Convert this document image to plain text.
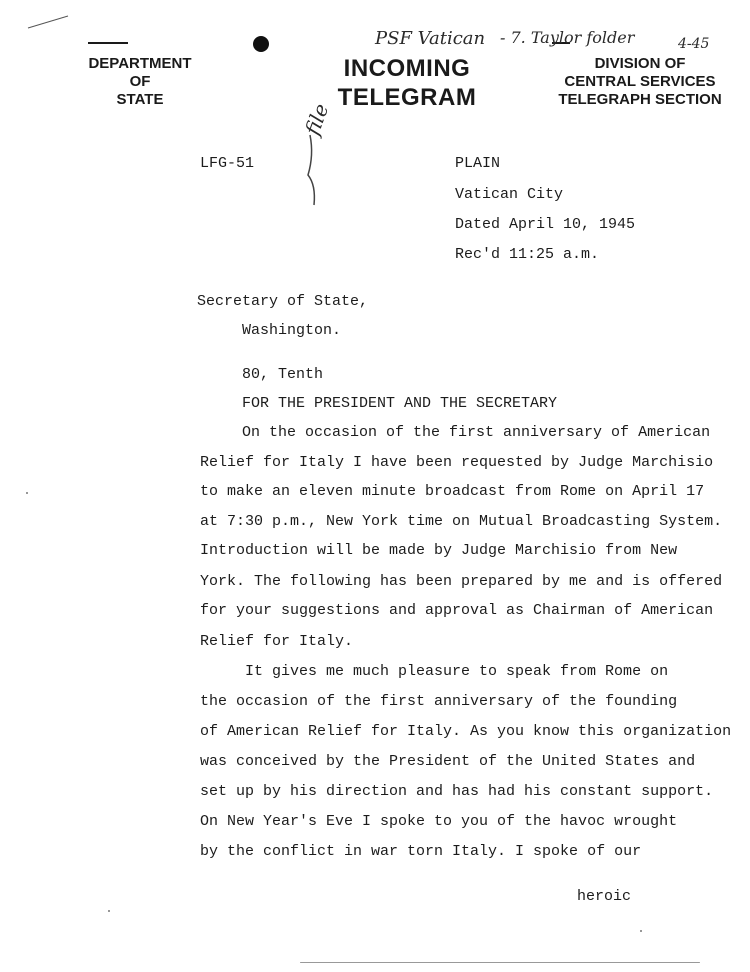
DEPARTMENT
OF
STATE
INCOMING
TELEGRAM
DIVISION OF
CENTRAL SERVICES
TELEGRAPH SECTION
PSF Vatican - 7. Taylor folder	4-45
file
LFG-51	PLAIN
Vatican City
Dated April 10, 1945
Rec'd 11:25 a.m.
Secretary of State,
Washington.
80, Tenth
FOR THE PRESIDENT AND THE SECRETARY
On the occasion of the first anniversary of American
Relief for Italy I have been requested by Judge Marchisio
to make an eleven minute broadcast from Rome on April 17
at 7:30 p.m., New York time on Mutual Broadcasting System.
Introduction will be made by Judge Marchisio from New
York. The following has been prepared by me and is offered
for your suggestions and approval as Chairman of American
Relief for Italy.
It gives me much pleasure to speak from Rome on
the occasion of the first anniversary of the founding
of American Relief for Italy. As you know this organization
was conceived by the President of the United States and
set up by his direction and has had his constant support.
On New Year's Eve I spoke to you of the havoc wrought
by the conflict in war torn Italy. I spoke of our
heroic
